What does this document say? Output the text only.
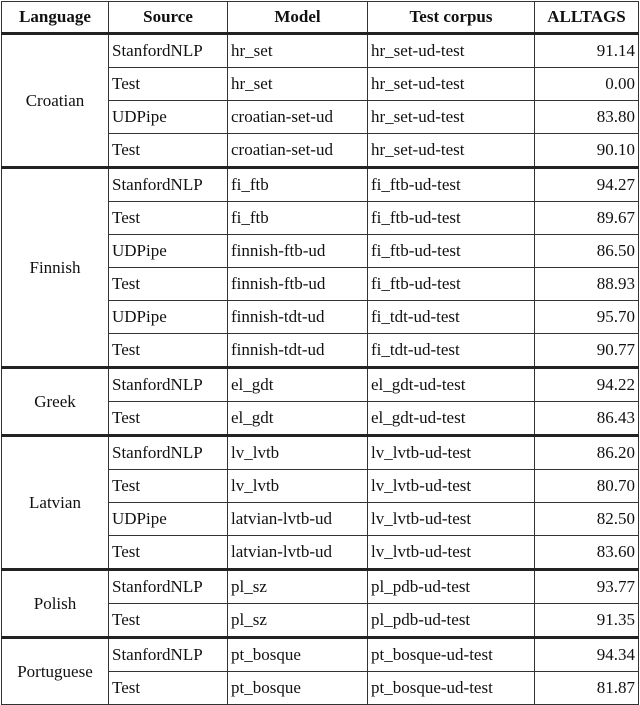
Language	Source	Model	Test corpus	ALLTAGS
Croatian	StanfordNLP	hr_set	hr_set-ud-test	91.14
	Test	hr_set	hr_set-ud-test	0.00
	UDPipe	croatian-set-ud	hr_set-ud-test	83.80
	Test	croatian-set-ud	hr_set-ud-test	90.10
Finnish	StanfordNLP	fi_ftb	fi_ftb-ud-test	94.27
	Test	fi_ftb	fi_ftb-ud-test	89.67
	UDPipe	finnish-ftb-ud	fi_ftb-ud-test	86.50
	Test	finnish-ftb-ud	fi_ftb-ud-test	88.93
	UDPipe	finnish-tdt-ud	fi_tdt-ud-test	95.70
	Test	finnish-tdt-ud	fi_tdt-ud-test	90.77
Greek	StanfordNLP	el_gdt	el_gdt-ud-test	94.22
	Test	el_gdt	el_gdt-ud-test	86.43
Latvian	StanfordNLP	lv_lvtb	lv_lvtb-ud-test	86.20
	Test	lv_lvtb	lv_lvtb-ud-test	80.70
	UDPipe	latvian-lvtb-ud	lv_lvtb-ud-test	82.50
	Test	latvian-lvtb-ud	lv_lvtb-ud-test	83.60
Polish	StanfordNLP	pl_sz	pl_pdb-ud-test	93.77
	Test	pl_sz	pl_pdb-ud-test	91.35
Portuguese	StanfordNLP	pt_bosque	pt_bosque-ud-test	94.34
	Test	pt_bosque	pt_bosque-ud-test	81.87
